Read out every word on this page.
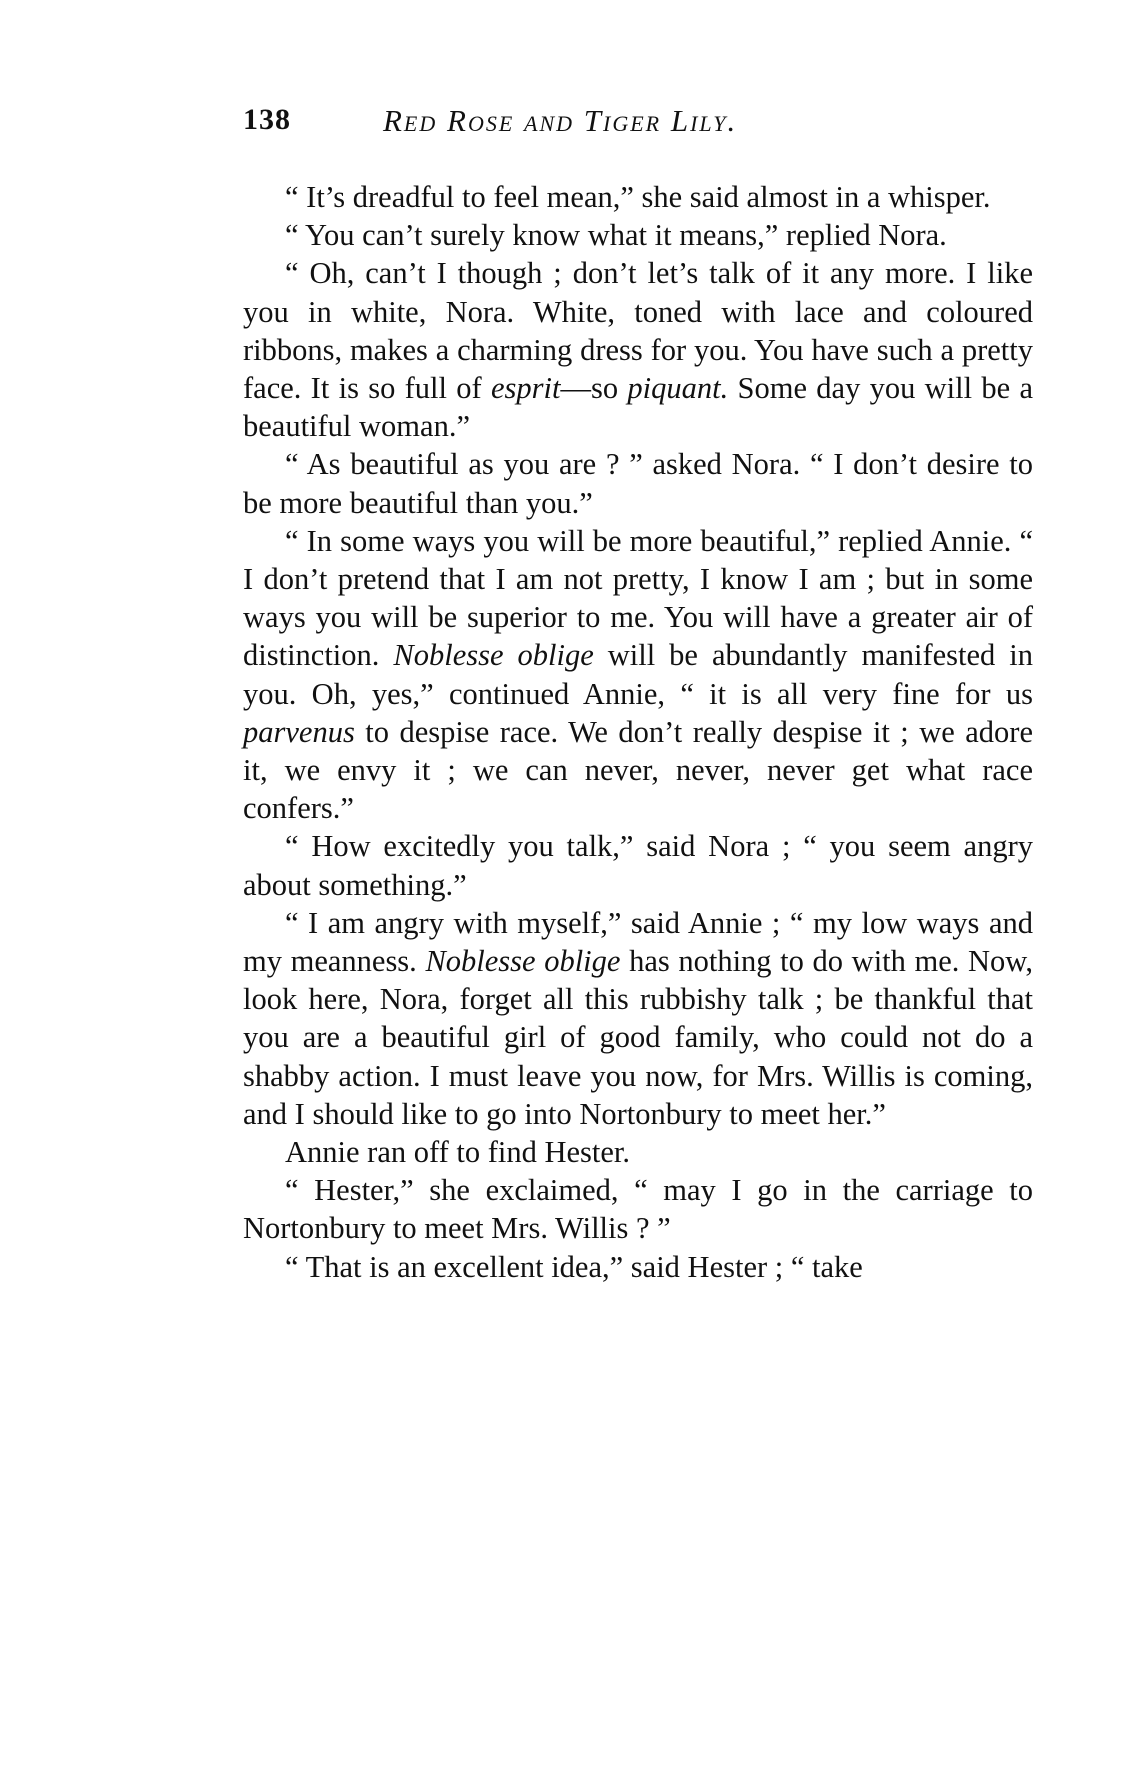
138	Red Rose and Tiger Lily.

“ It’s dreadful to feel mean,” she said almost in a whisper.

“ You can’t surely know what it means,” replied Nora.

“ Oh, can’t I though ; don’t let’s talk of it any more. I like you in white, Nora. White, toned with lace and coloured ribbons, makes a charming dress for you. You have such a pretty face. It is so full of esprit—so piquant. Some day you will be a beautiful woman.”

“ As beautiful as you are ? ” asked Nora. “ I don’t desire to be more beautiful than you.”

“ In some ways you will be more beautiful,” replied Annie. “ I don’t pretend that I am not pretty, I know I am ; but in some ways you will be superior to me. You will have a greater air of distinction. Noblesse oblige will be abundantly manifested in you. Oh, yes,” continued Annie, “ it is all very fine for us parvenus to despise race. We don’t really despise it ; we adore it, we envy it ; we can never, never, never get what race confers.”

“ How excitedly you talk,” said Nora ; “ you seem angry about something.”

“ I am angry with myself,” said Annie ; “ my low ways and my meanness. Noblesse oblige has nothing to do with me. Now, look here, Nora, forget all this rubbishy talk ; be thankful that you are a beautiful girl of good family, who could not do a shabby action. I must leave you now, for Mrs. Willis is coming, and I should like to go into Nortonbury to meet her.”

Annie ran off to find Hester.

“ Hester,” she exclaimed, “ may I go in the carriage to Nortonbury to meet Mrs. Willis ? ”

“ That is an excellent idea,” said Hester ; “ take
